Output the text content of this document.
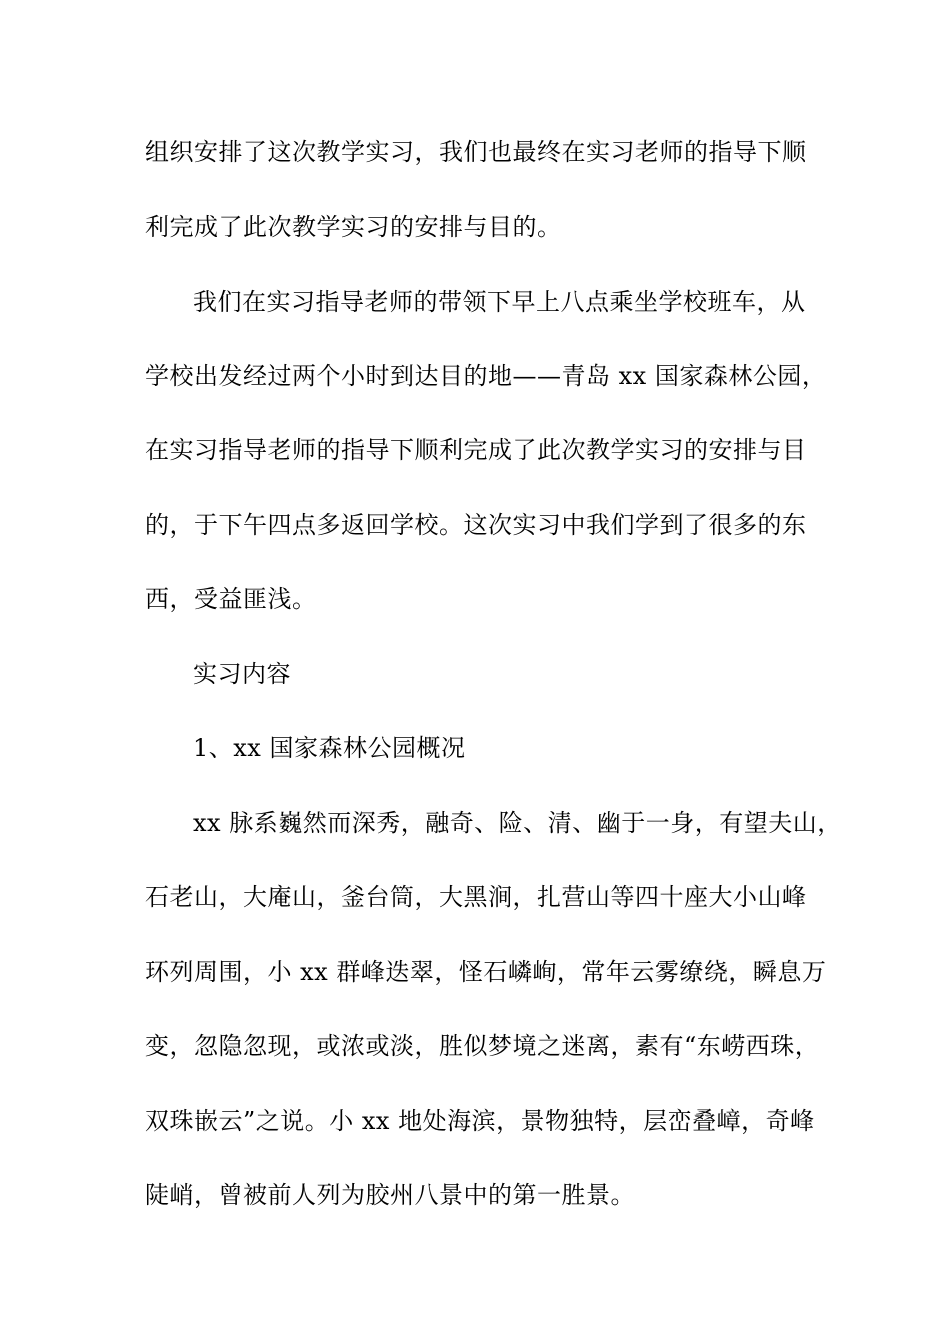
组织安排了这次教学实习，我们也最终在实习老师的指导下顺
利完成了此次教学实习的安排与目的。
我们在实习指导老师的带领下早上八点乘坐学校班车，从
学校出发经过两个小时到达目的地——青岛 xx 国家森林公园，
在实习指导老师的指导下顺利完成了此次教学实习的安排与目
的，于下午四点多返回学校。这次实习中我们学到了很多的东
西，受益匪浅。
实习内容
1、xx 国家森林公园概况
xx 脉系巍然而深秀，融奇、险、清、幽于一身，有望夫山，
石老山，大庵山，釜台筒，大黑涧，扎营山等四十座大小山峰
环列周围，小 xx 群峰迭翠，怪石嶙峋，常年云雾缭绕，瞬息万
变，忽隐忽现，或浓或淡，胜似梦境之迷离，素有“东崂西珠，
双珠嵌云”之说。小 xx 地处海滨，景物独特，层峦叠嶂，奇峰
陡峭，曾被前人列为胶州八景中的第一胜景。
